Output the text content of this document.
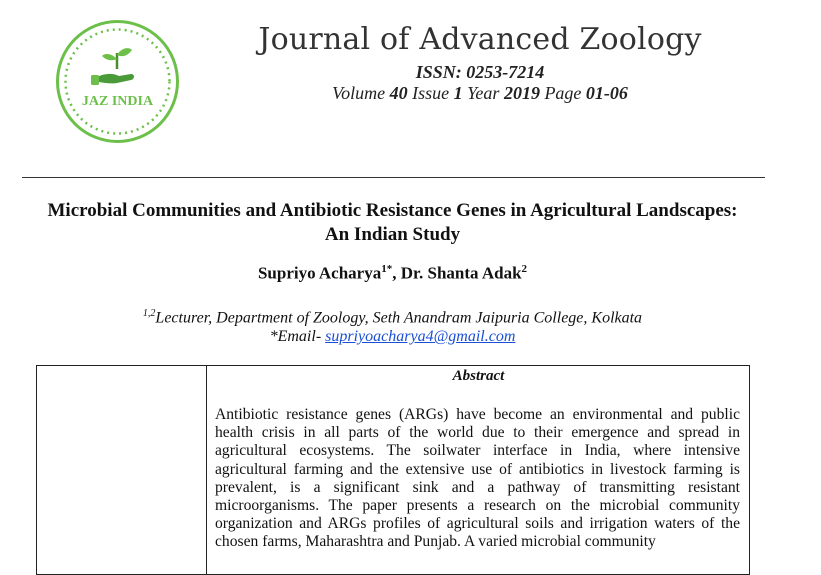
JAZ INDIA
Journal of Advanced Zoology
ISSN: 0253-7214
Volume 40 Issue 1 Year 2019 Page 01-06
Microbial Communities and Antibiotic Resistance Genes in Agricultural Landscapes: An Indian Study
Supriyo Acharya$^{1*}$, Dr. Shanta Adak$^2$
$^{1,2}$Lecturer, Department of Zoology, Seth Anandram Jaipuria College, Kolkata
*Email- supriyoacharya4@gmail.com
Abstract
Antibiotic resistance genes (ARGs) have become an environmental and public health crisis in all parts of the world due to their emergence and spread in agricultural ecosystems. The soilwater interface in India, where intensive agricultural farming and the extensive use of antibiotics in livestock farming is prevalent, is a significant sink and a pathway of transmitting resistant microorganisms. The paper presents a research on the microbial community organization and ARGs profiles of agricultural soils and irrigation waters of the chosen farms, Maharashtra and Punjab. A varied microbial community
